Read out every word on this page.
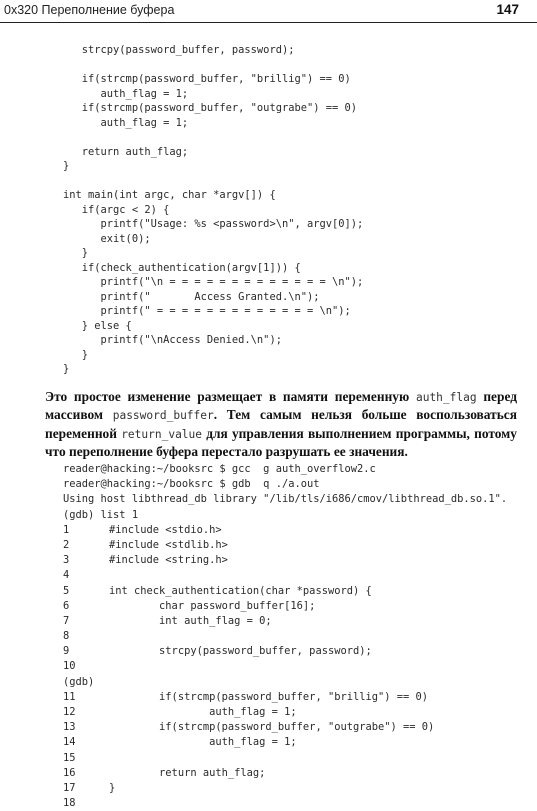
0x320 Переполнение буфера	147
strcpy(password_buffer, password);
if(strcmp(password_buffer, "brillig") == 0)
auth_flag = 1;
if(strcmp(password_buffer, "outgrabe") == 0)
auth_flag = 1;
return auth_flag;
}
int main(int argc, char *argv[]) {
if(argc < 2) {
printf("Usage: %s <password>\n", argv[0]);
exit(0);
}
if(check_authentication(argv[1])) {
printf("\n = = = = = = = = = = = = = \n");
printf("       Access Granted.\n");
printf(" = = = = = = = = = = = = = \n");
} else {
printf("\nAccess Denied.\n");
}
}

Это простое изменение размещает в памяти переменную auth_flag перед массивом password_buffer. Тем самым нельзя больше воспользоваться переменной return_value для управления выполнением программы, потому что переполнение буфера перестало разрушать ее значения.

reader@hacking:~/booksrc $ gcc  g auth_overflow2.c
reader@hacking:~/booksrc $ gdb  q ./a.out
Using host libthread_db library "/lib/tls/i686/cmov/libthread_db.so.1".
(gdb) list 1
1	#include <stdio.h>
2	#include <stdlib.h>
3	#include <string.h>
4
5	int check_authentication(char *password) {
6	char password_buffer[16];
7	int auth_flag = 0;
8
9	strcpy(password_buffer, password);
10
(gdb)
11	if(strcmp(password_buffer, "brillig") == 0)
12	auth_flag = 1;
13	if(strcmp(password_buffer, "outgrabe") == 0)
14	auth_flag = 1;
15
16	return auth_flag;
17	}
18
